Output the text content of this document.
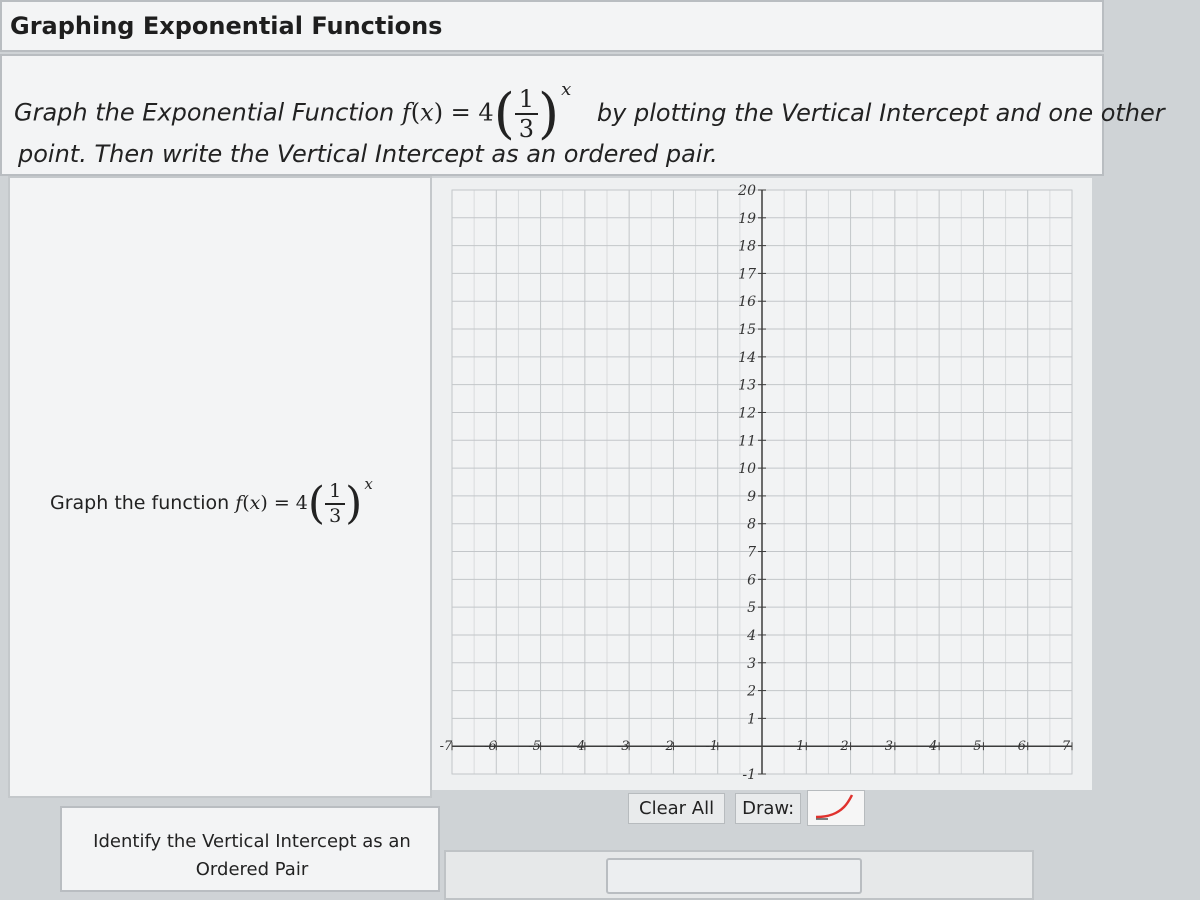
Graphing Exponential Functions
Graph the Exponential Function $f(x) = 4( \frac{1}{3}$ ) $^x$ by plotting the Vertical Intercept and one other
point. Then write the Vertical Intercept as an ordered pair.
Graph the function $f(x) = 4( \frac{1}{3}$ ) $^x$
-7 -6 -5 -4 -3 -2 -1	1	2	3	4	5	6	7
-1
1
2
3
4
5
6
7
8
9
10
11
12
13
14
15
16
17
18
19
20
Clear All	Draw:
Identify the Vertical Intercept as an Ordered Pair
